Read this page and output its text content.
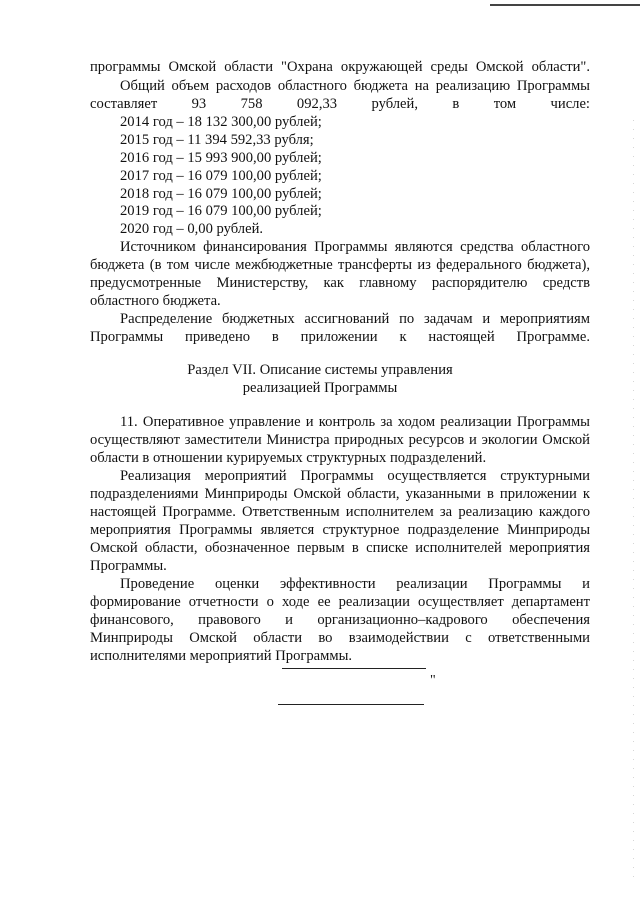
программы Омской области "Охрана окружающей среды Омской области".
Общий объем расходов областного бюджета на реализацию Программы
составляет 93 758 092,33 рублей, в том числе:
2014 год – 18 132 300,00 рублей;
2015 год – 11 394 592,33 рубля;
2016 год – 15 993 900,00 рублей;
2017 год – 16 079 100,00 рублей;
2018 год – 16 079 100,00 рублей;
2019 год – 16 079 100,00 рублей;
2020 год – 0,00 рублей.
Источником финансирования Программы являются средства областного
бюджета (в том числе межбюджетные трансферты из федерального бюджета),
предусмотренные Министерству, как главному распорядителю средств
областного бюджета.
Распределение бюджетных ассигнований по задачам и мероприятиям
Программы приведено в приложении к настоящей Программе.
Раздел VII. Описание системы управления
реализацией Программы
11. Оперативное управление и контроль за ходом реализации Программы
осуществляют заместители Министра природных ресурсов и экологии Омской
области в отношении курируемых структурных подразделений.
Реализация мероприятий Программы осуществляется структурными
подразделениями Минприроды Омской области, указанными в приложении к
настоящей Программе. Ответственным исполнителем за реализацию каждого
мероприятия Программы является структурное подразделение Минприроды
Омской области, обозначенное первым в списке исполнителей мероприятия
Программы.
Проведение оценки эффективности реализации Программы и
формирование отчетности о ходе ее реализации осуществляет департамент
финансового, правового и организационно–кадрового обеспечения
Минприроды Омской области во взаимодействии с ответственными
исполнителями мероприятий Программы.
"
